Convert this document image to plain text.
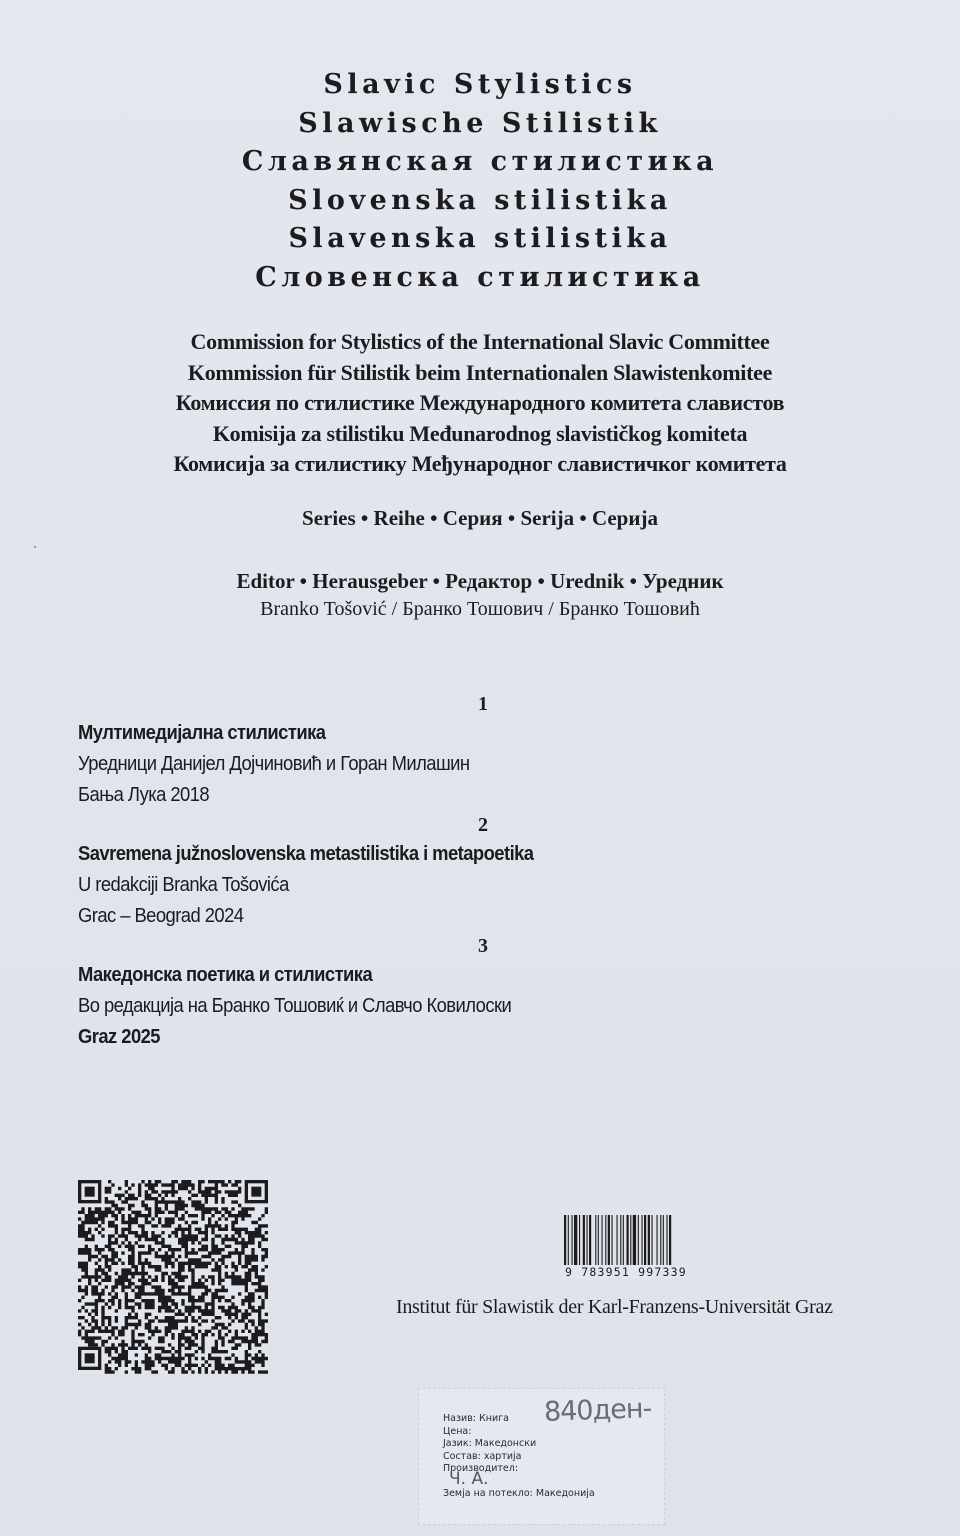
Slavic Stylistics
Slawische Stilistik
Славянская стилистика
Slovenska stilistika
Slavenska stilistika
Словенска стилистика
Commission for Stylistics of the International Slavic Committee
Kommission für Stilistik beim Internationalen Slawistenkomitee
Комиссия по стилистике Международного комитета славистов
Komisija za stilistiku Međunarodnog slavističkog komiteta
Комисија за стилистику Међународног славистичког комитета
Series • Reihe • Серия • Serija • Серија
Editor • Herausgeber • Редактор • Urednik • Уредник
Branko Tošović / Бранко Тошович / Бранко Тошовић
1
Мултимедијална стилистика
Уредници Данијел Дојчиновић и Горан Милашин
Бања Лука 2018
2
Savremena južnoslovenska metastilistika i metapoetika
U redakciji Branka Tošovića
Grac – Beograd 2024
3
Македонска поетика и стилистика
Во редакција на Бранко Тошовиќ и Славчо Ковилоски
Graz 2025
9 783951 997339
Institut für Slawistik der Karl-Franzens-Universität Graz
Назив: Книга
Цена:
Јазик: Македонски
Состав: хартија
Производител:
Земја на потекло: Македонија
840ден-
Ч. А.
